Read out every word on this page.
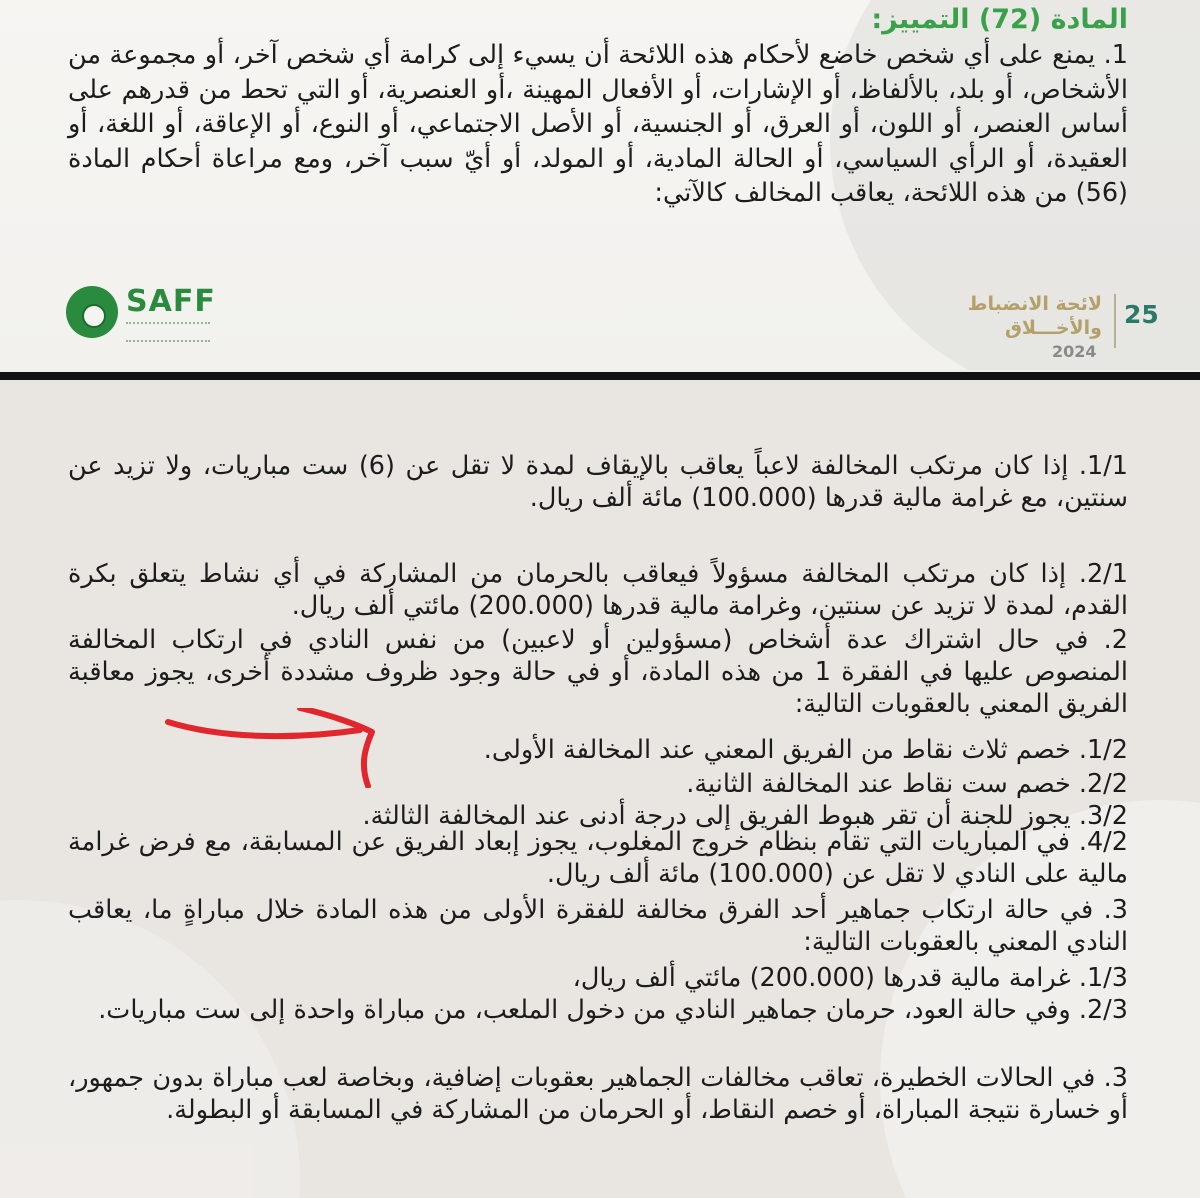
المادة (72) التمييز:
1. يمنع على أي شخص خاضع لأحكام هذه اللائحة أن يسيء إلى كرامة أي شخص آخر، أو مجموعة من الأشخاص، أو بلد، بالألفاظ، أو الإشارات، أو الأفعال المهينة ،أو العنصرية، أو التي تحط من قدرهم على أساس العنصر، أو اللون، أو العرق، أو الجنسية، أو الأصل الاجتماعي، أو النوع، أو الإعاقة، أو اللغة، أو العقيدة، أو الرأي السياسي، أو الحالة المادية، أو المولد، أو أيّ سبب آخر، ومع مراعاة أحكام المادة (56) من هذه اللائحة، يعاقب المخالف كالآتي:
SAFF	لائحة الانضباط
والأخـــلاق
2024
25
1/1. إذا كان مرتكب المخالفة لاعباً يعاقب بالإيقاف لمدة لا تقل عن (6) ست مباريات، ولا تزيد عن سنتين، مع غرامة مالية قدرها (100.000) مائة ألف ريال.
2/1. إذا كان مرتكب المخالفة مسؤولاً فيعاقب بالحرمان من المشاركة في أي نشاط يتعلق بكرة القدم، لمدة لا تزيد عن سنتين، وغرامة مالية قدرها (200.000) مائتي ألف ريال.
2. في حال اشتراك عدة أشخاص (مسؤولين أو لاعبين) من نفس النادي في ارتكاب المخالفة المنصوص عليها في الفقرة 1 من هذه المادة، أو في حالة وجود ظروف مشددة أخرى، يجوز معاقبة الفريق المعني بالعقوبات التالية:
1/2. خصم ثلاث نقاط من الفريق المعني عند المخالفة الأولى.
2/2. خصم ست نقاط عند المخالفة الثانية.
3/2. يجوز للجنة أن تقر هبوط الفريق إلى درجة أدنى عند المخالفة الثالثة.
4/2. في المباريات التي تقام بنظام خروج المغلوب، يجوز إبعاد الفريق عن المسابقة، مع فرض غرامة مالية على النادي لا تقل عن (100.000) مائة ألف ريال.
3. في حالة ارتكاب جماهير أحد الفرق مخالفة للفقرة الأولى من هذه المادة خلال مباراةٍ ما، يعاقب النادي المعني بالعقوبات التالية:
1/3. غرامة مالية قدرها (200.000) مائتي ألف ريال،
2/3. وفي حالة العود، حرمان جماهير النادي من دخول الملعب، من مباراة واحدة إلى ست مباريات.
3. في الحالات الخطيرة، تعاقب مخالفات الجماهير بعقوبات إضافية، وبخاصة لعب مباراة بدون جمهور، أو خسارة نتيجة المباراة، أو خصم النقاط، أو الحرمان من المشاركة في المسابقة أو البطولة.
